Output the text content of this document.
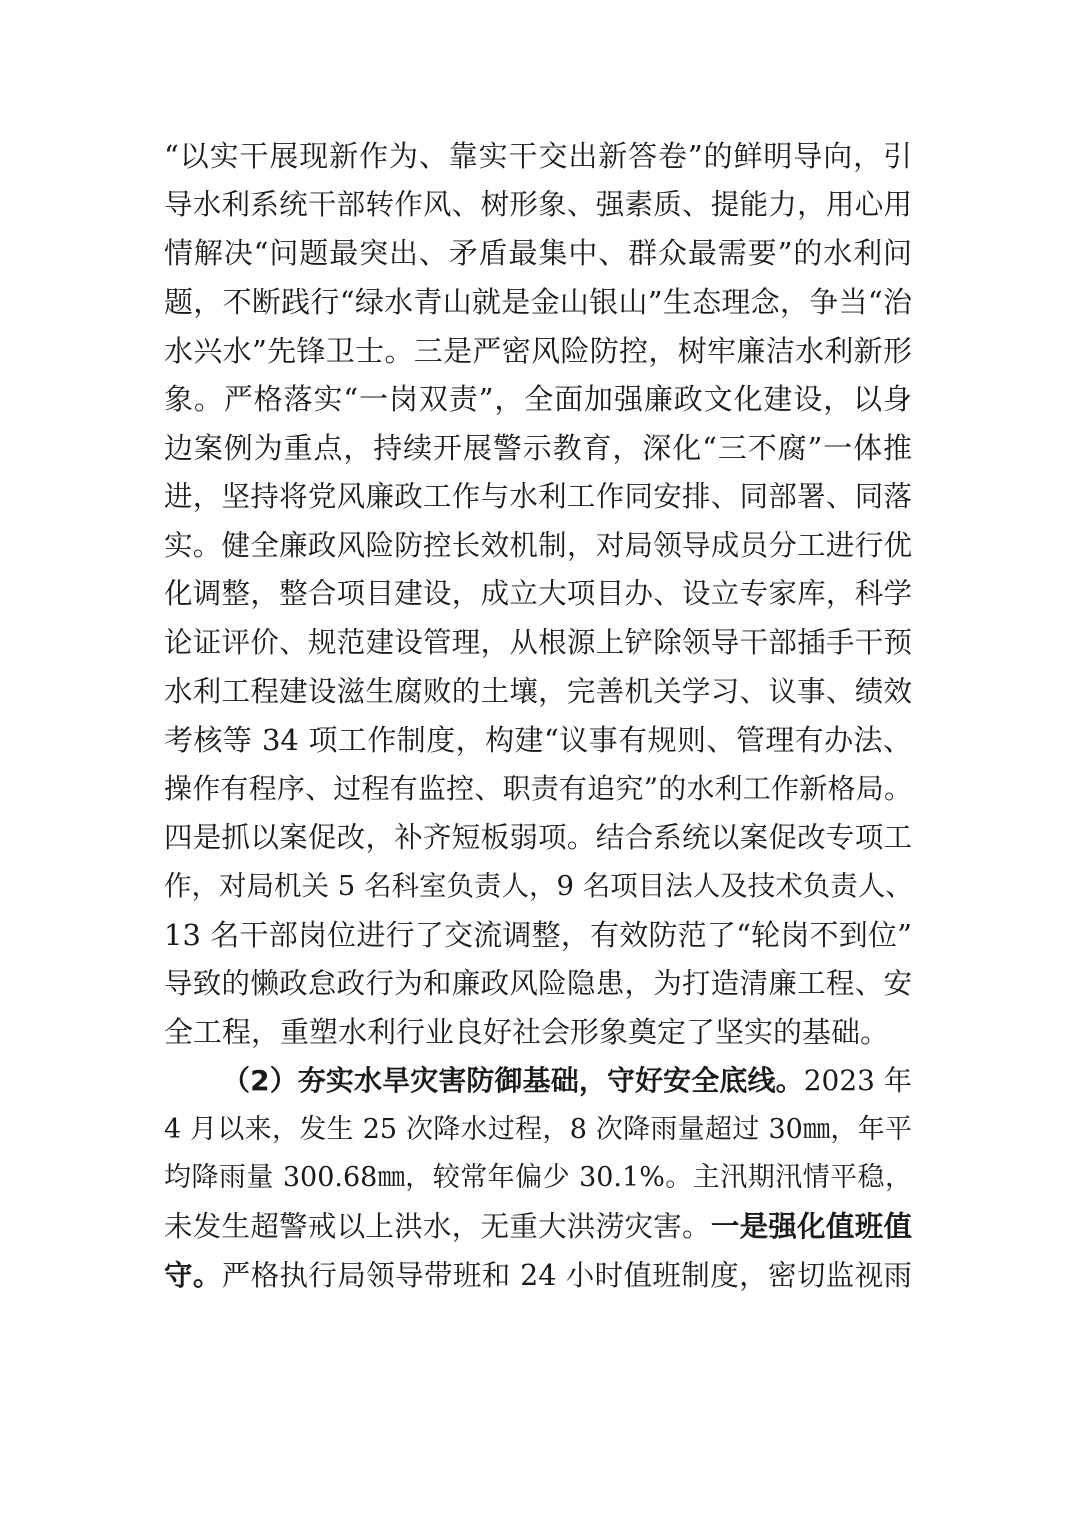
“以实干展现新作为、靠实干交出新答卷”的鲜明导向，引
导水利系统干部转作风、树形象、强素质、提能力，用心用
情解决“问题最突出、矛盾最集中、群众最需要”的水利问
题，不断践行“绿水青山就是金山银山”生态理念，争当“治
水兴水”先锋卫士。三是严密风险防控，树牢廉洁水利新形
象。严格落实“一岗双责”，全面加强廉政文化建设，以身
边案例为重点，持续开展警示教育，深化“三不腐”一体推
进，坚持将党风廉政工作与水利工作同安排、同部署、同落
实。健全廉政风险防控长效机制，对局领导成员分工进行优
化调整，整合项目建设，成立大项目办、设立专家库，科学
论证评价、规范建设管理，从根源上铲除领导干部插手干预
水利工程建设滋生腐败的土壤，完善机关学习、议事、绩效
考核等 34 项工作制度，构建“议事有规则、管理有办法、
操作有程序、过程有监控、职责有追究”的水利工作新格局。
四是抓以案促改，补齐短板弱项。结合系统以案促改专项工
作，对局机关 5 名科室负责人，9 名项目法人及技术负责人、
13 名干部岗位进行了交流调整，有效防范了“轮岗不到位”
导致的懒政怠政行为和廉政风险隐患，为打造清廉工程、安
全工程，重塑水利行业良好社会形象奠定了坚实的基础。
（2）夯实水旱灾害防御基础，守好安全底线。2023 年
4 月以来，发生 25 次降水过程，8 次降雨量超过 30㎜，年平
均降雨量 300.68㎜，较常年偏少 30.1%。主汛期汛情平稳，
未发生超警戒以上洪水，无重大洪涝灾害。一是强化值班值
守。严格执行局领导带班和 24 小时值班制度，密切监视雨
